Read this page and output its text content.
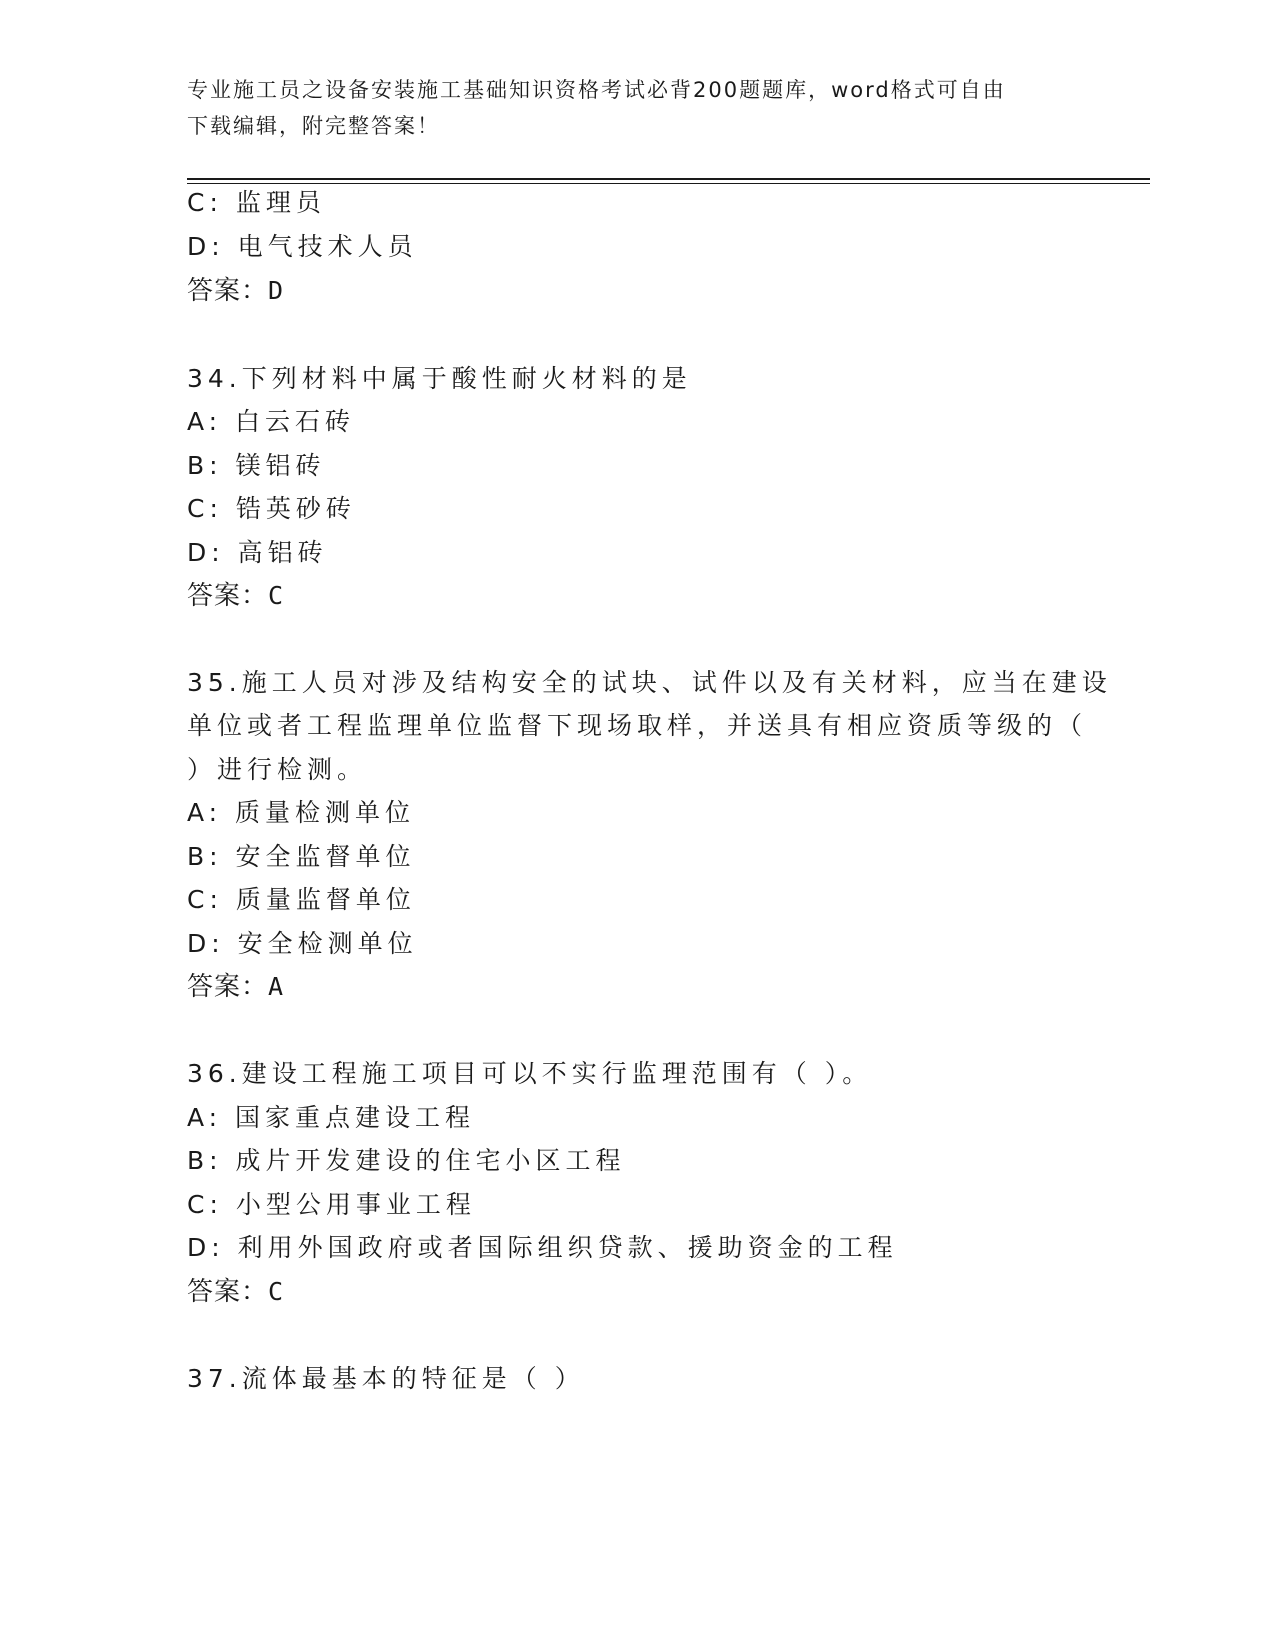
专业施工员之设备安装施工基础知识资格考试必背200题题库，word格式可自由
下载编辑，附完整答案！
C: 监理员
D: 电气技术人员
答案：D
34.下列材料中属于酸性耐火材料的是
A: 白云石砖
B: 镁铝砖
C: 锆英砂砖
D: 高铝砖
答案：C
35.施工人员对涉及结构安全的试块、试件以及有关材料，应当在建设
单位或者工程监理单位监督下现场取样，并送具有相应资质等级的（
）进行检测。
A: 质量检测单位
B: 安全监督单位
C: 质量监督单位
D: 安全检测单位
答案：A
36.建设工程施工项目可以不实行监理范围有（ ）。
A: 国家重点建设工程
B: 成片开发建设的住宅小区工程
C: 小型公用事业工程
D: 利用外国政府或者国际组织贷款、援助资金的工程
答案：C
37.流体最基本的特征是（ ）
